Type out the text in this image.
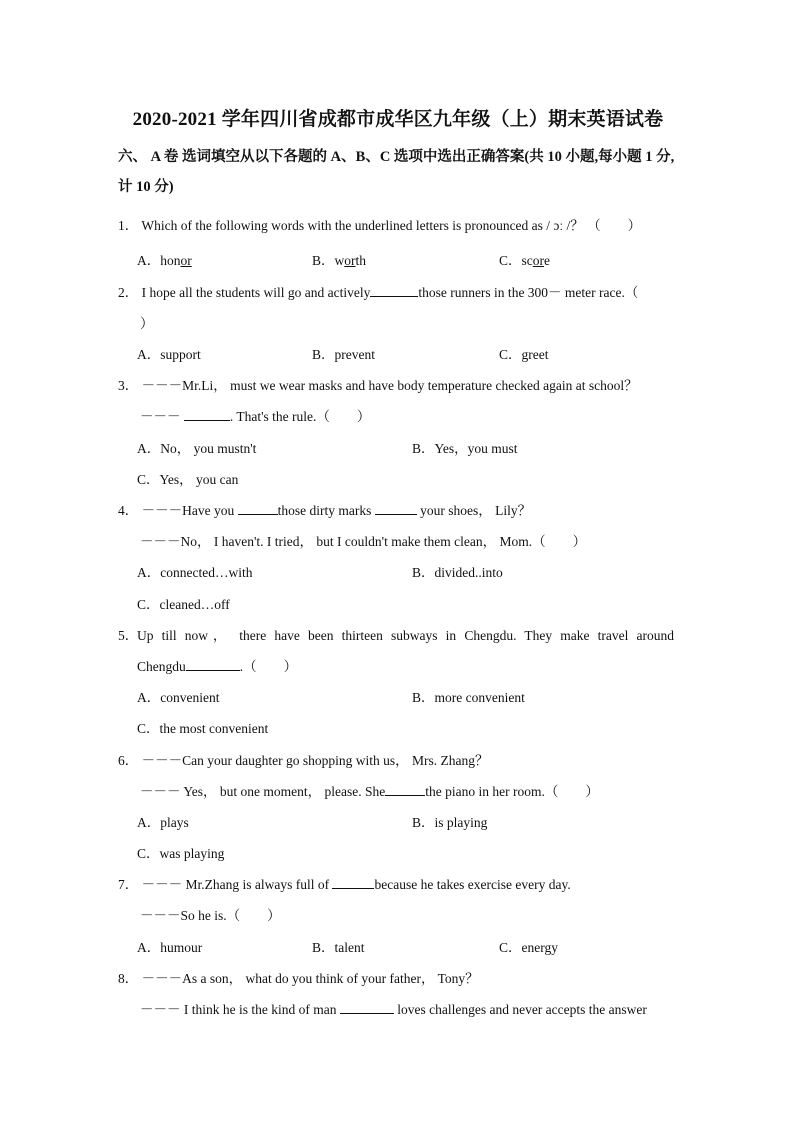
2020-2021 学年四川省成都市成华区九年级（上）期末英语试卷
六、 A 卷 选词填空从以下各题的 A、B、C 选项中选出正确答案(共 10 小题,每小题 1 分,
计 10 分)
1． Which of the following words with the underlined letters is pronounced as / ɔː /？ （　　）
A．honor	B．worth	C．score
2． I hope all the students will go and actively	those runners in the 300－ meter race.（
）
A．support	B．prevent	C．greet
3． －－－Mr.Li， must we wear masks and have body temperature checked again at school？
－－－	. That's the rule.（　　）
A．No， you mustn't	B．Yes，you must
C．Yes， you can
4． －－－Have you	those dirty marks	your shoes， Lily？
－－－No， I haven't. I tried， but I couldn't make them clean， Mom.（　　）
A．connected…with	B．divided..into
C．cleaned…off
5．
Up till now， there have been thirteen subways in Chengdu. They make travel around
Chengdu	.（　　）
A．convenient	B．more convenient
C．the most convenient
6． －－－Can your daughter go shopping with us， Mrs. Zhang？
－－－ Yes， but one moment， please. She	the piano in her room.（　　）
A．plays	B．is playing
C．was playing
7． －－－ Mr.Zhang is always full of	because he takes exercise every day.
－－－So he is.（　　）
A．humour	B．talent	C．energy
8． －－－As a son， what do you think of your father， Tony？
－－－ I think he is the kind of man	loves challenges and never accepts the answer
